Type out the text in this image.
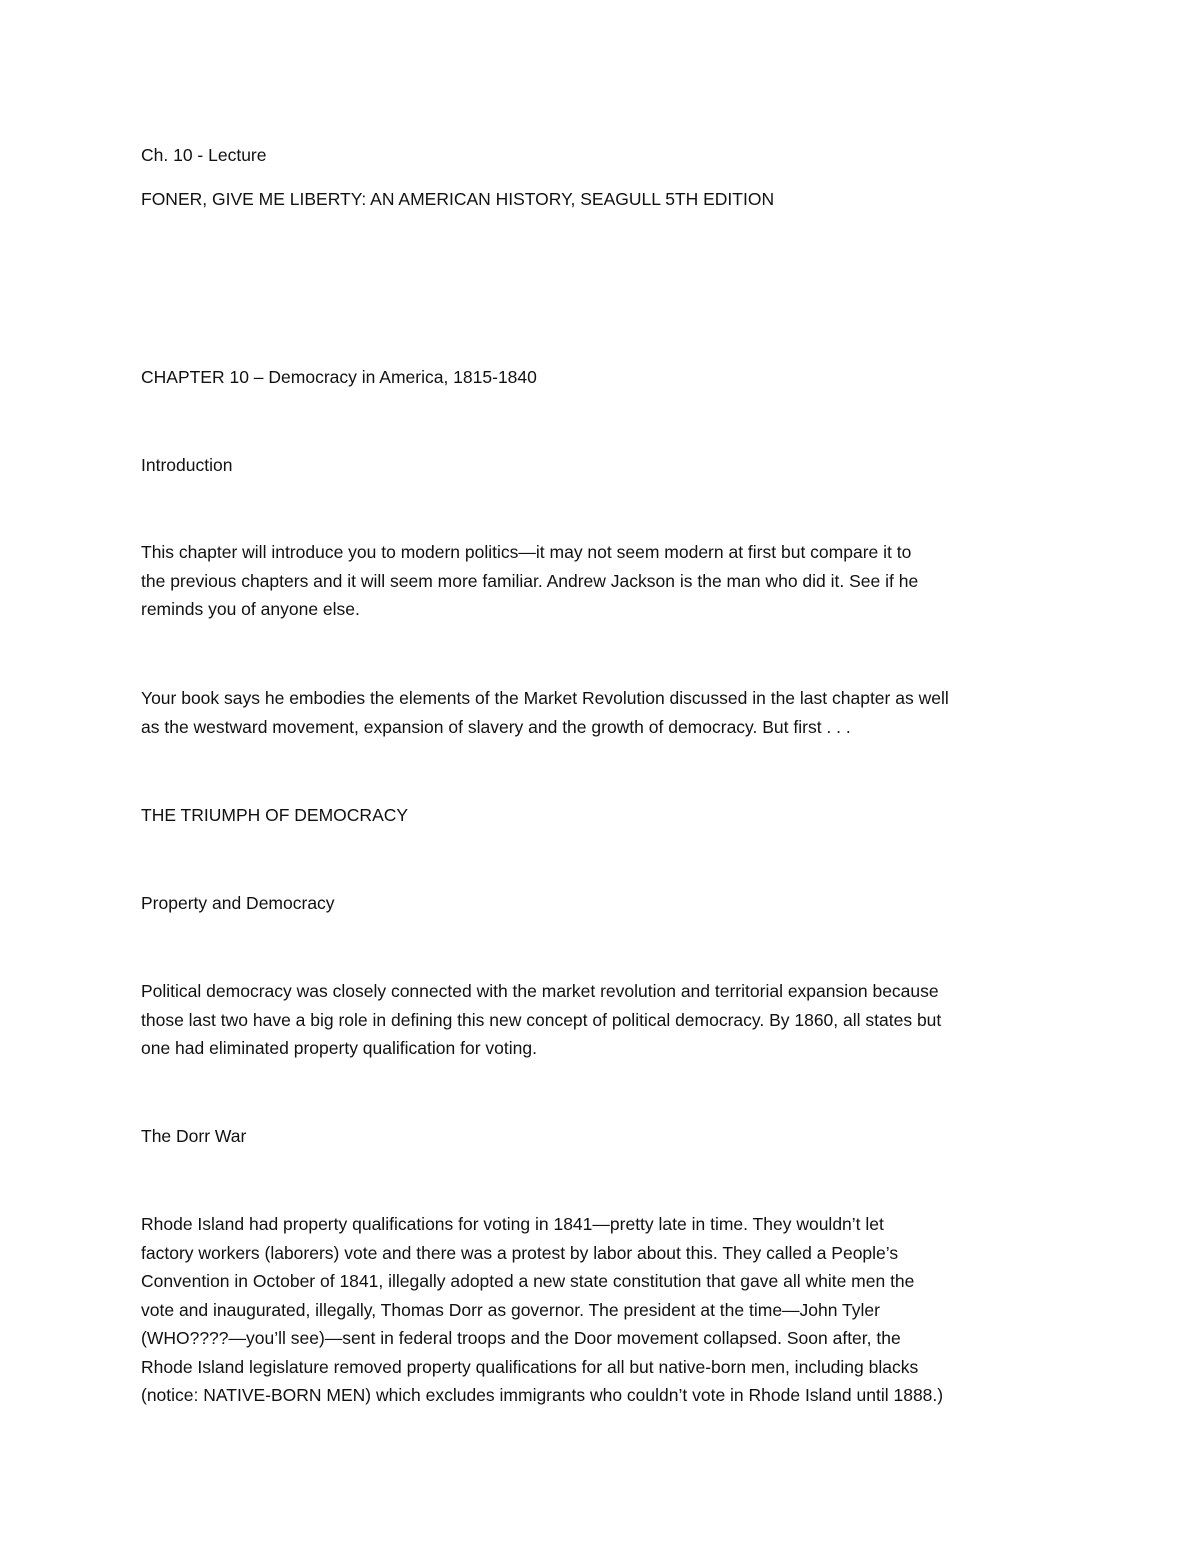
Ch. 10 - Lecture

FONER, GIVE ME LIBERTY: AN AMERICAN HISTORY, SEAGULL 5TH EDITION

CHAPTER 10 – Democracy in America, 1815-1840

Introduction

This chapter will introduce you to modern politics—it may not seem modern at first but compare it to
the previous chapters and it will seem more familiar. Andrew Jackson is the man who did it. See if he
reminds you of anyone else.
Your book says he embodies the elements of the Market Revolution discussed in the last chapter as well
as the westward movement, expansion of slavery and the growth of democracy. But first . . .

THE TRIUMPH OF DEMOCRACY

Property and Democracy

Political democracy was closely connected with the market revolution and territorial expansion because
those last two have a big role in defining this new concept of political democracy. By 1860, all states but
one had eliminated property qualification for voting.

The Dorr War

Rhode Island had property qualifications for voting in 1841—pretty late in time. They wouldn’t let
factory workers (laborers) vote and there was a protest by labor about this. They called a People’s
Convention in October of 1841, illegally adopted a new state constitution that gave all white men the
vote and inaugurated, illegally, Thomas Dorr as governor. The president at the time—John Tyler
(WHO????—you’ll see)—sent in federal troops and the Door movement collapsed. Soon after, the
Rhode Island legislature removed property qualifications for all but native-born men, including blacks
(notice: NATIVE-BORN MEN) which excludes immigrants who couldn’t vote in Rhode Island until 1888.)
